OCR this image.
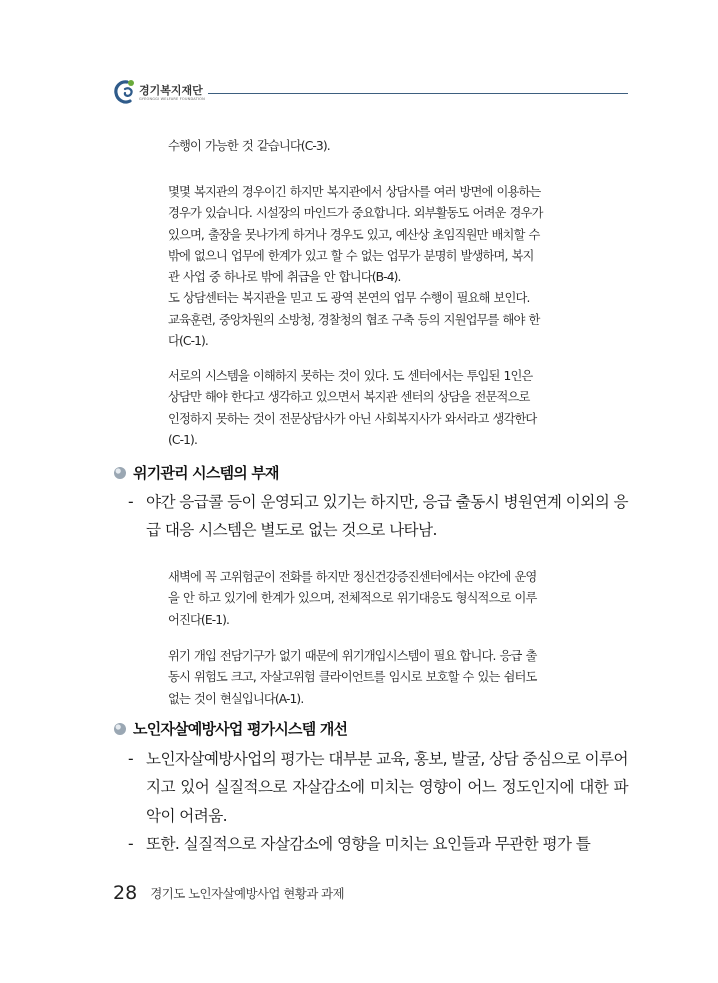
경기복지재단
GYEONGGI WELFARE FOUNDATION

수행이 가능한 것 같습니다(C-3).

몇몇 복지관의 경우이긴 하지만 복지관에서 상담사를 여러 방면에 이용하는

경우가 있습니다. 시설장의 마인드가 중요합니다. 외부활동도 어려운 경우가

있으며, 출장을 못나가게 하거나 경우도 있고, 예산상 초임직원만 배치할 수

밖에 없으니 업무에 한계가 있고 할 수 없는 업무가 분명히 발생하며, 복지

관 사업 중 하나로 밖에 취급을 안 합니다(B-4).

도 상담센터는 복지관을 믿고 도 광역 본연의 업무 수행이 필요해 보인다.

교육훈련, 중앙차원의 소방청, 경찰청의 협조 구축 등의 지원업무를 해야 한

다(C-1).

서로의 시스템을 이해하지 못하는 것이 있다. 도 센터에서는 투입된 1인은

상담만 해야 한다고 생각하고 있으면서 복지관 센터의 상담을 전문적으로

인정하지 못하는 것이 전문상담사가 아닌 사회복지사가 와서라고 생각한다

(C-1).

위기관리 시스템의 부재
- 야간 응급콜 등이 운영되고 있기는 하지만, 응급 출동시 병원연계 이외의 응급 대응 시스템은 별도로 없는 것으로 나타남.

새벽에 꼭 고위험군이 전화를 하지만 정신건강증진센터에서는 야간에 운영

을 안 하고 있기에 한계가 있으며, 전체적으로 위기대응도 형식적으로 이루

어진다(E-1).

위기 개입 전담기구가 없기 때문에 위기개입시스템이 필요 합니다. 응급 출

동시 위험도 크고, 자살고위험 클라이언트를 임시로 보호할 수 있는 쉼터도

없는 것이 현실입니다(A-1).

노인자살예방사업 평가시스템 개선
- 노인자살예방사업의 평가는 대부분 교육, 홍보, 발굴, 상담 중심으로 이루어지고 있어 실질적으로 자살감소에 미치는 영향이 어느 정도인지에 대한 파악이 어려움.
- 또한. 실질적으로 자살감소에 영향을 미치는 요인들과 무관한 평가 틀
28 경기도 노인자살예방사업 현황과 과제
